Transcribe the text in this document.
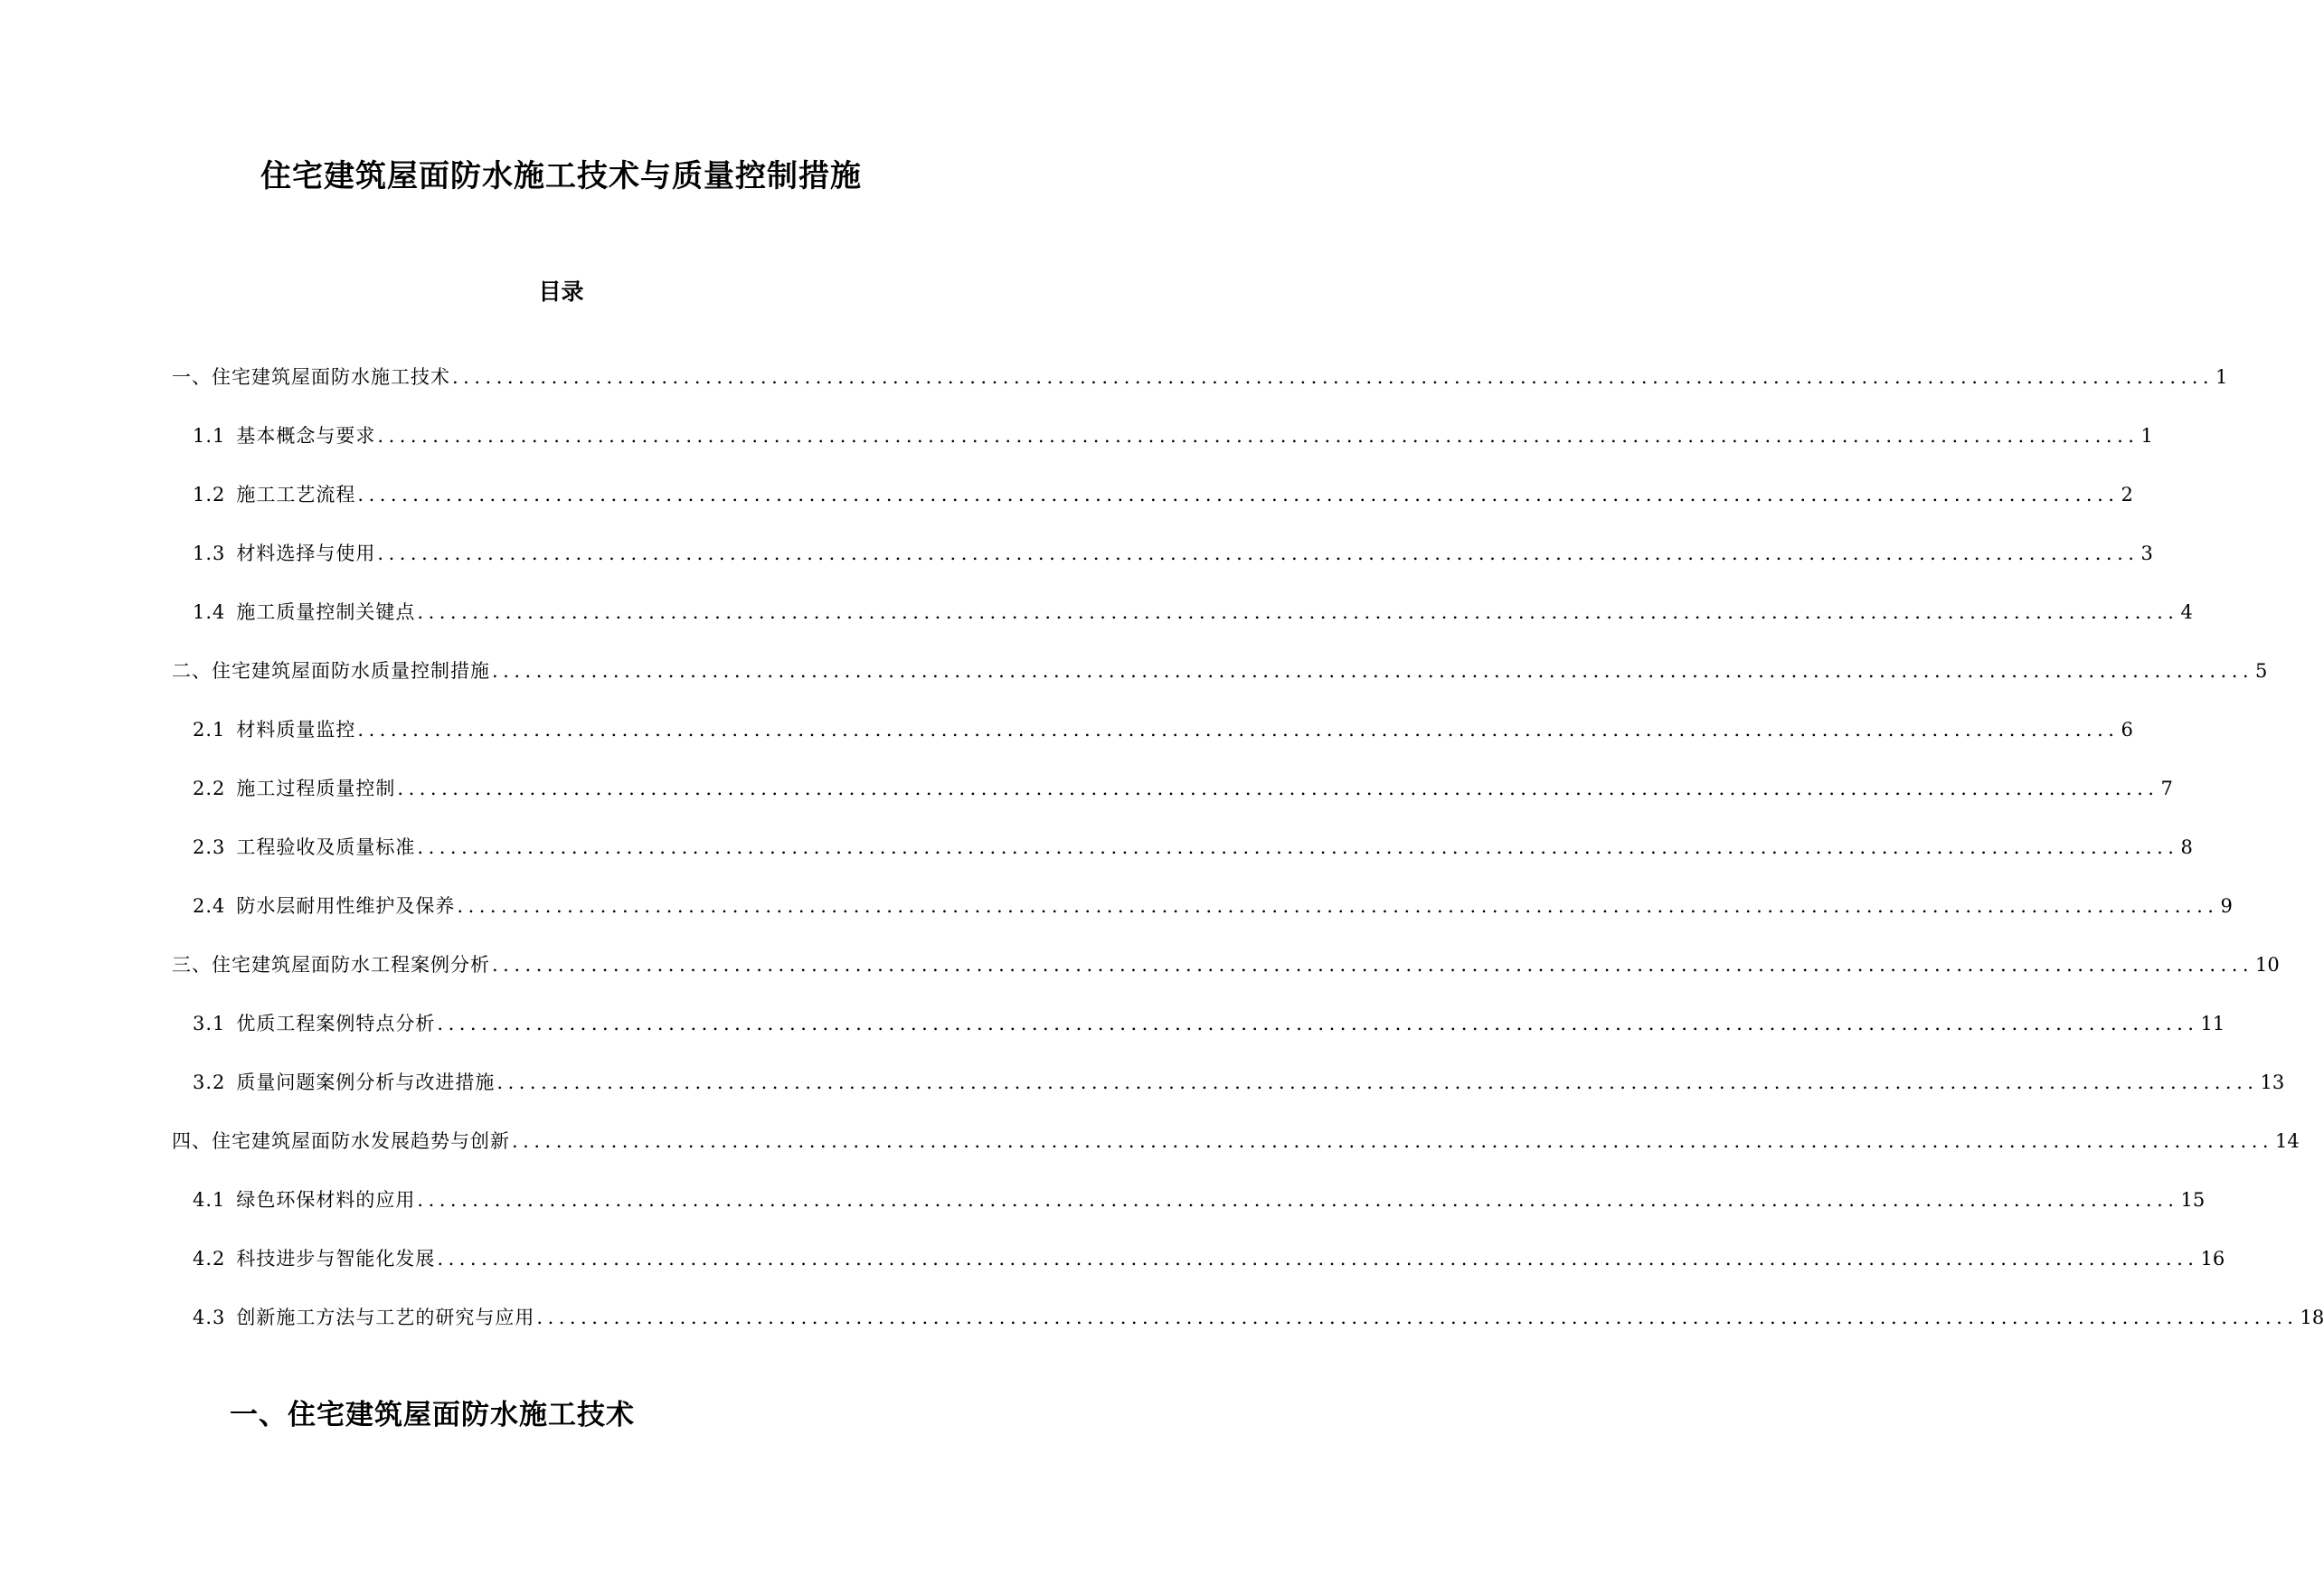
住宅建筑屋面防水施工技术与质量控制措施
目录
一、住宅建筑屋面防水施工技术 ................................................................................................................................................................ 1
1.1 基本概念与要求 ................................................................................................................................................................ 1
1.2 施工工艺流程 ................................................................................................................................................................ 2
1.3 材料选择与使用 ................................................................................................................................................................ 3
1.4 施工质量控制关键点 ................................................................................................................................................................ 4
二、住宅建筑屋面防水质量控制措施 ................................................................................................................................................................ 5
2.1 材料质量监控 ................................................................................................................................................................ 6
2.2 施工过程质量控制 ................................................................................................................................................................ 7
2.3 工程验收及质量标准 ................................................................................................................................................................ 8
2.4 防水层耐用性维护及保养 ................................................................................................................................................................ 9
三、住宅建筑屋面防水工程案例分析 ................................................................................................................................................................ 10
3.1 优质工程案例特点分析 ................................................................................................................................................................ 11
3.2 质量问题案例分析与改进措施 ................................................................................................................................................................ 13
四、住宅建筑屋面防水发展趋势与创新 ................................................................................................................................................................ 14
4.1 绿色环保材料的应用 ................................................................................................................................................................ 15
4.2 科技进步与智能化发展 ................................................................................................................................................................ 16
4.3 创新施工方法与工艺的研究与应用 ................................................................................................................................................................ 18
一、住宅建筑屋面防水施工技术
